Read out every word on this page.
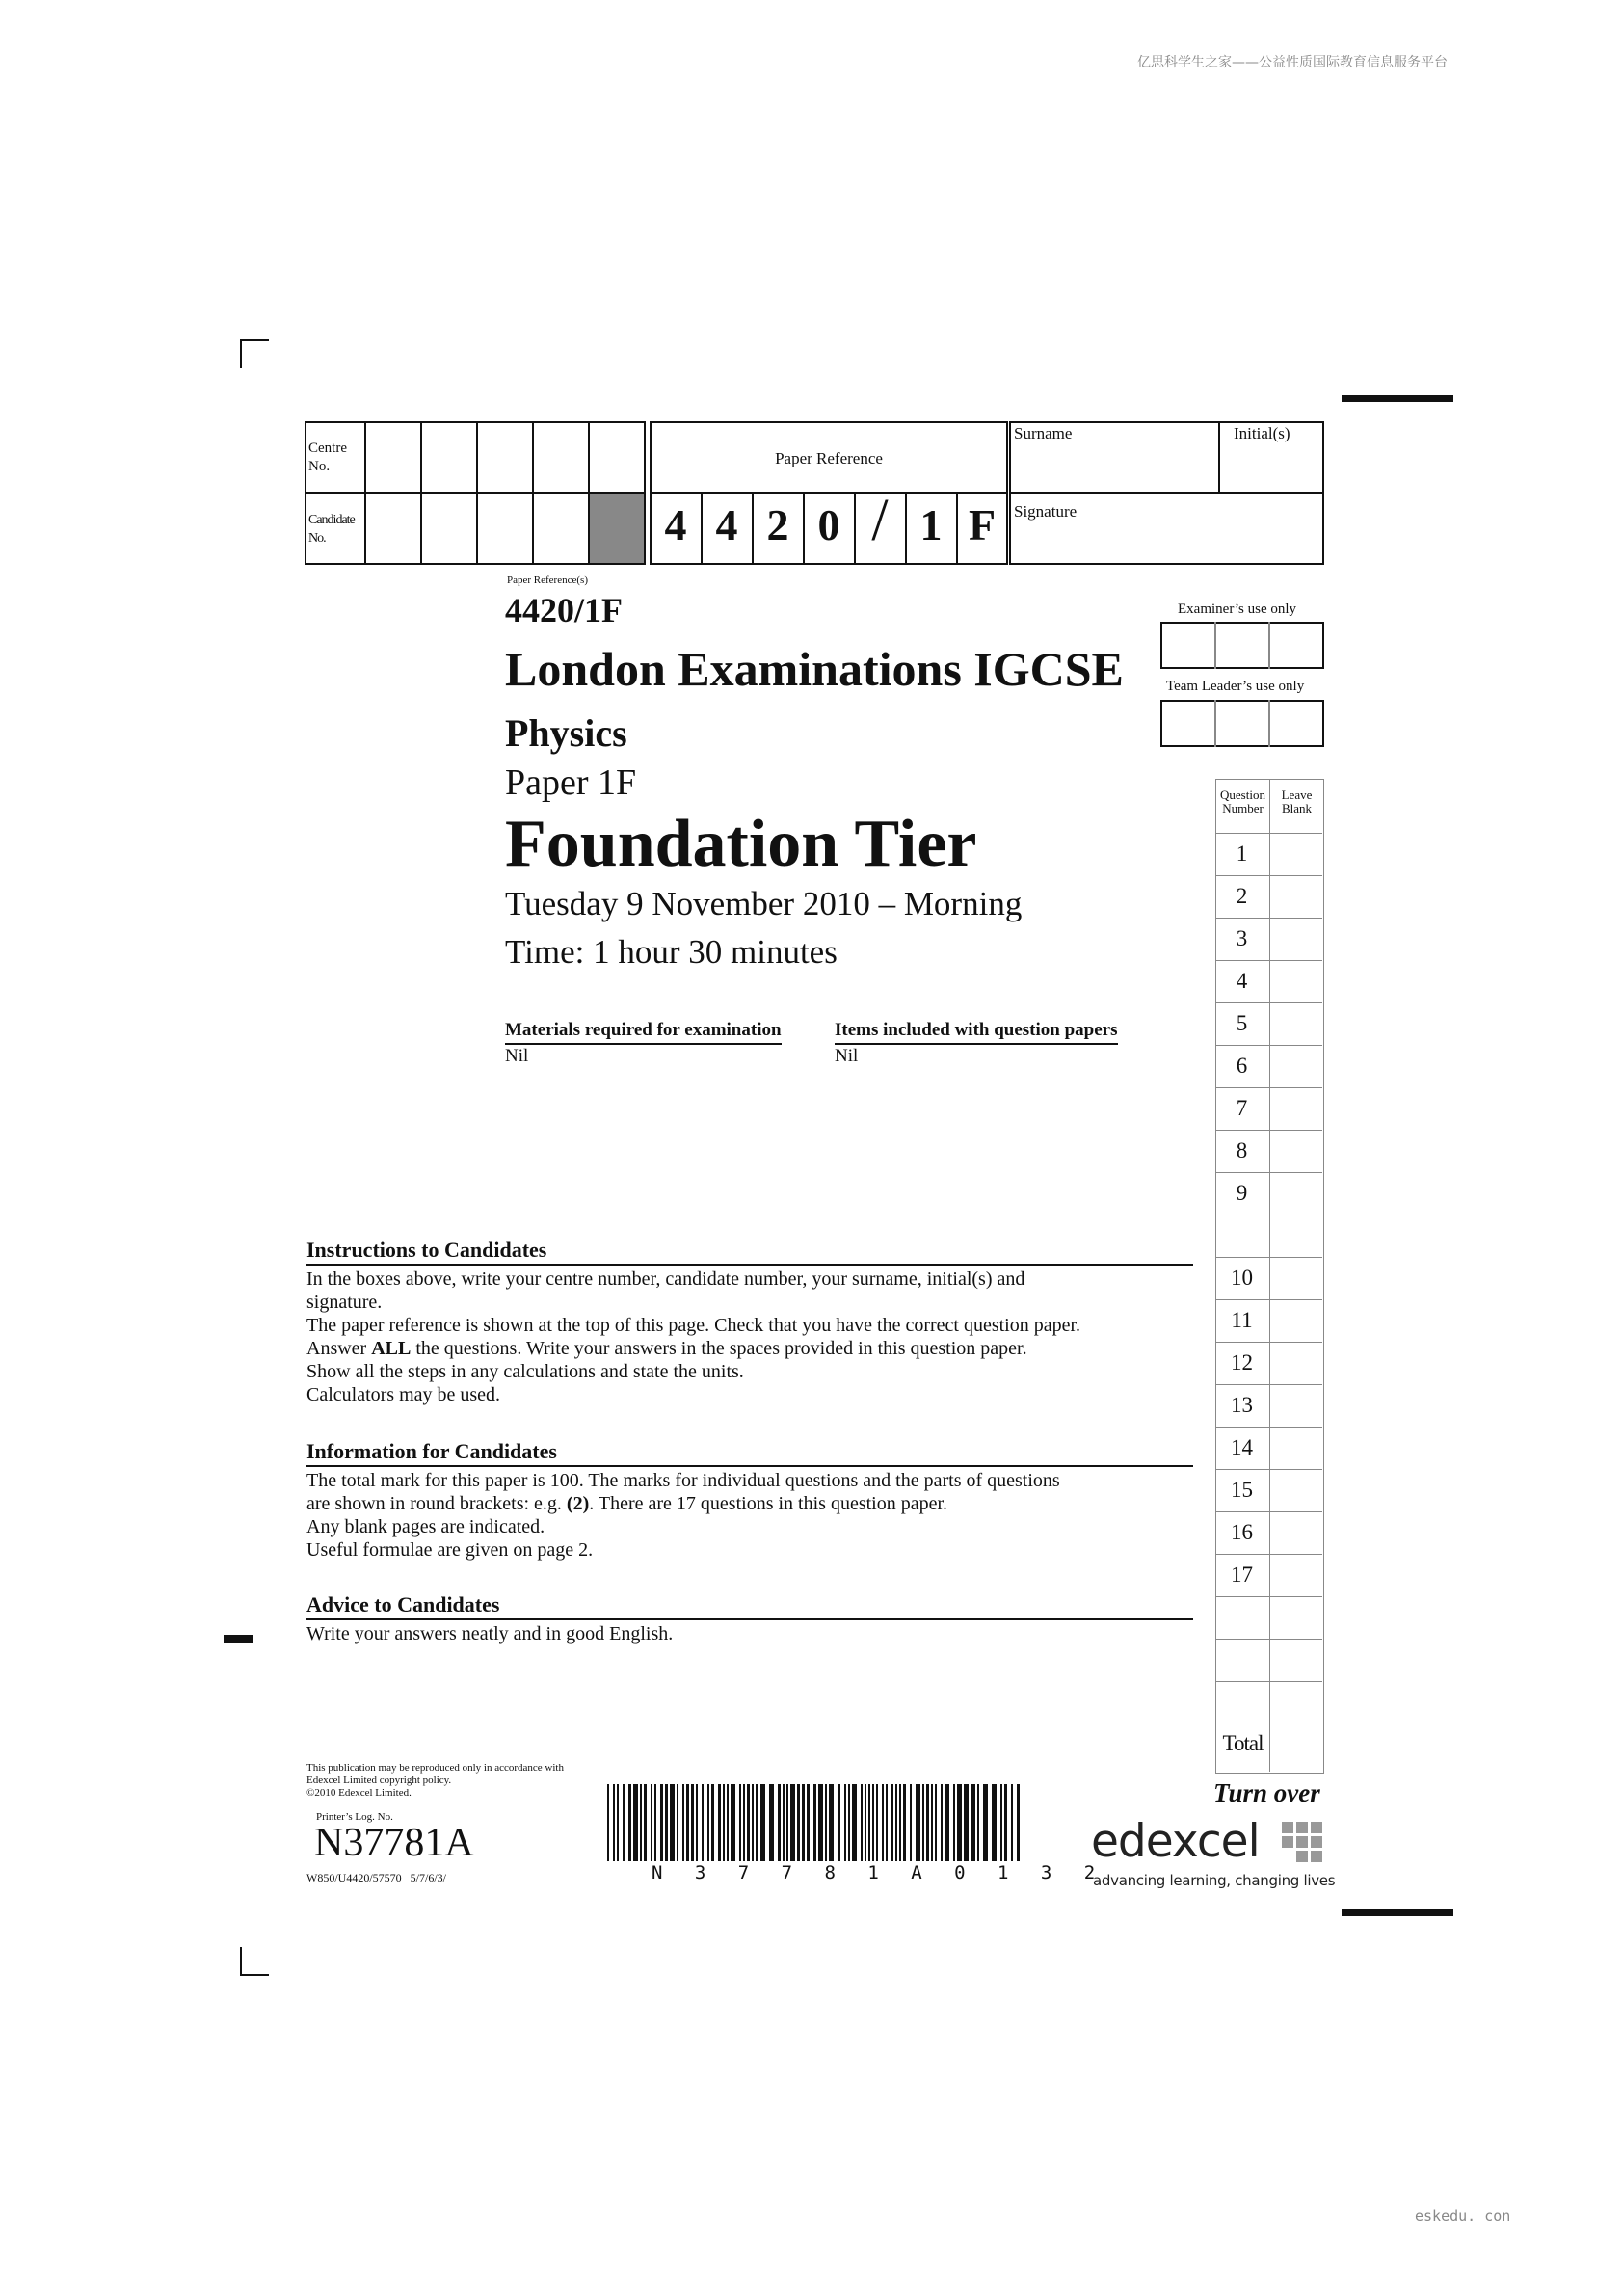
亿思科学生之家——公益性质国际教育信息服务平台
eskedu. con
Centre
No.
Candidate
No.
Paper Reference
4 4 2 0 / 1 F
Surname	Initial(s)
Signature
Paper Reference(s)
4420/1F
London Examinations IGCSE
Physics
Paper 1F
Foundation Tier
Tuesday 9 November 2010 – Morning
Time: 1 hour 30 minutes
Materials required for examination
Nil
Items included with question papers
Nil
Examiner’s use only
Team Leader’s use only
Question Number
Leave Blank
1
2
3
4
5
6
7
8
9
10
11
12
13
14
15
16
17
Total
Instructions to Candidates
In the boxes above, write your centre number, candidate number, your surname, initial(s) and
signature.
The paper reference is shown at the top of this page. Check that you have the correct question paper.
Answer ALL the questions. Write your answers in the spaces provided in this question paper.
Show all the steps in any calculations and state the units.
Calculators may be used.
Information for Candidates
The total mark for this paper is 100. The marks for individual questions and the parts of questions
are shown in round brackets: e.g. (2). There are 17 questions in this question paper.
Any blank pages are indicated.
Useful formulae are given on page 2.
Advice to Candidates
Write your answers neatly and in good English.
This publication may be reproduced only in accordance with
Edexcel Limited copyright policy.
©2010 Edexcel Limited.
Printer’s Log. No.
N37781A
W850/U4420/57570   5/7/6/3/	N 3 7 7 8 1 A 0 1 3 2
Turn over
edexcel
advancing learning, changing lives
